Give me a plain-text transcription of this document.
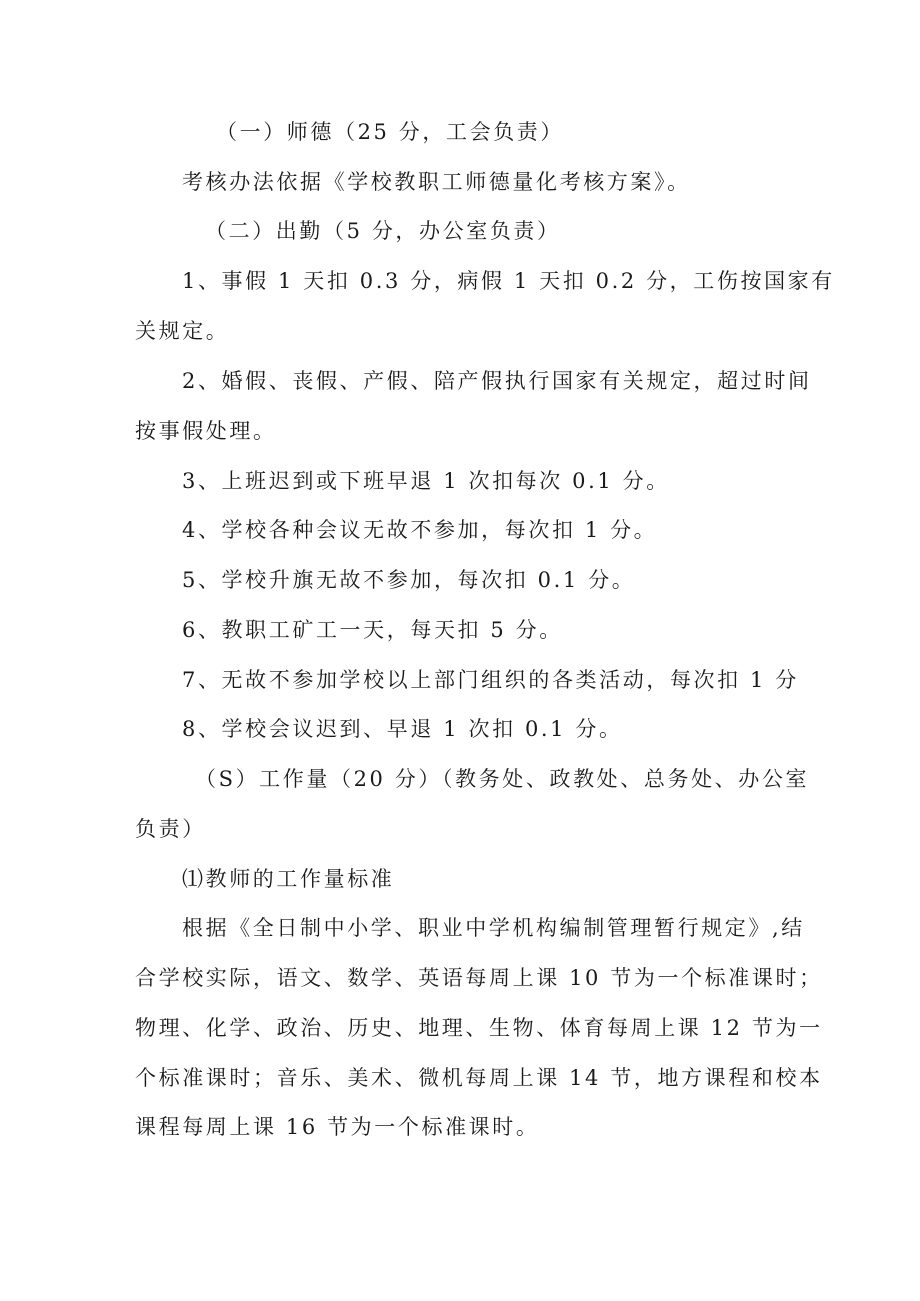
（一）师德（25 分，工会负责）
考核办法依据《学校教职工师德量化考核方案》。
（二）出勤（5 分，办公室负责）
1、事假 1 天扣 0.3 分，病假 1 天扣 0.2 分，工伤按国家有
关规定。
2、婚假、丧假、产假、陪产假执行国家有关规定，超过时间
按事假处理。
3、上班迟到或下班早退 1 次扣每次 0.1 分。
4、学校各种会议无故不参加，每次扣 1 分。
5、学校升旗无故不参加，每次扣 0.1 分。
6、教职工矿工一天，每天扣 5 分。
7、无故不参加学校以上部门组织的各类活动，每次扣 1 分
8、学校会议迟到、早退 1 次扣 0.1 分。
（S）工作量（20 分）（教务处、政教处、总务处、办公室
负责）
⑴教师的工作量标准
根据《全日制中小学、职业中学机构编制管理暂行规定》,结
合学校实际，语文、数学、英语每周上课 10 节为一个标准课时；
物理、化学、政治、历史、地理、生物、体育每周上课 12 节为一
个标准课时；音乐、美术、微机每周上课 14 节，地方课程和校本
课程每周上课 16 节为一个标准课时。
